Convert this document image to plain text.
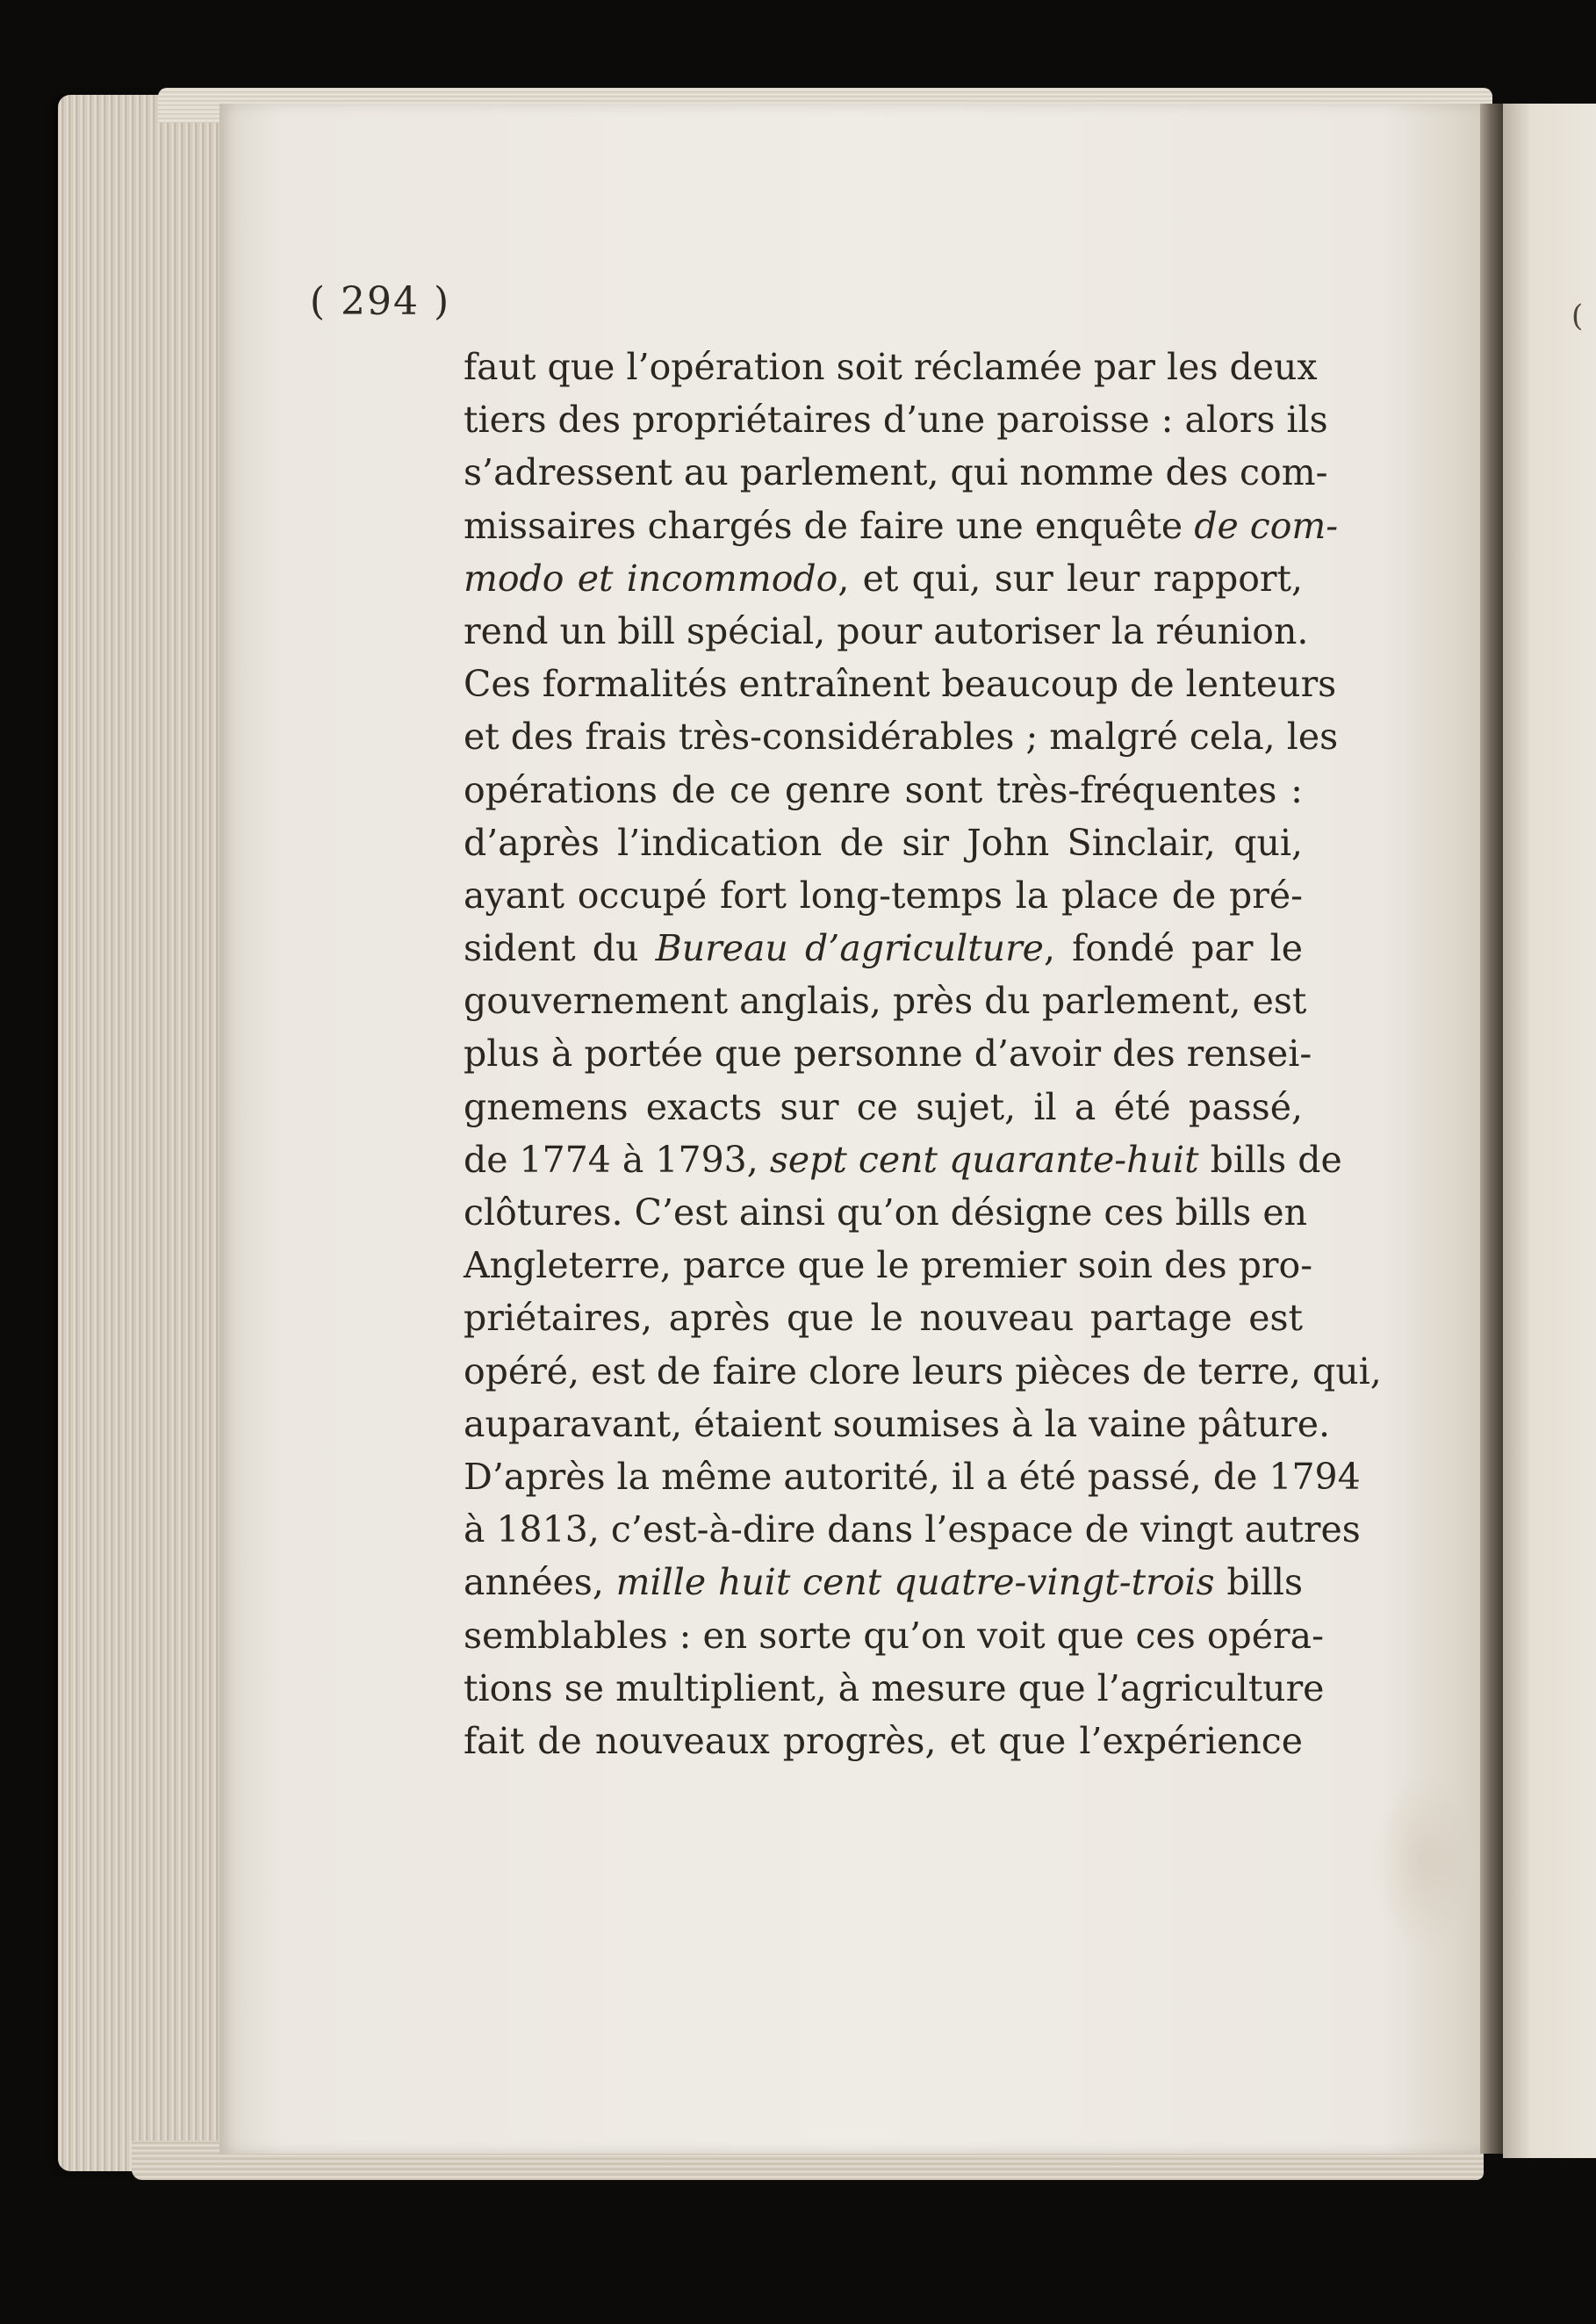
(
( 294 )
faut que l’opération soit réclamée par les deux
tiers des propriétaires d’une paroisse : alors ils
s’adressent au parlement, qui nomme des com-
missaires chargés de faire une enquête de com-
modo et incommodo, et qui, sur leur rapport,
rend un bill spécial, pour autoriser la réunion.
Ces formalités entraînent beaucoup de lenteurs
et des frais très-considérables ; malgré cela, les
opérations de ce genre sont très-fréquentes :
d’après l’indication de sir John Sinclair, qui,
ayant occupé fort long-temps la place de pré-
sident du Bureau d’agriculture, fondé par le
gouvernement anglais, près du parlement, est
plus à portée que personne d’avoir des rensei-
gnemens exacts sur ce sujet, il a été passé,
de 1774 à 1793, sept cent quarante-huit bills de
clôtures. C’est ainsi qu’on désigne ces bills en
Angleterre, parce que le premier soin des pro-
priétaires, après que le nouveau partage est
opéré, est de faire clore leurs pièces de terre, qui,
auparavant, étaient soumises à la vaine pâture.
D’après la même autorité, il a été passé, de 1794
à 1813, c’est-à-dire dans l’espace de vingt autres
années, mille huit cent quatre-vingt-trois bills
semblables : en sorte qu’on voit que ces opéra-
tions se multiplient, à mesure que l’agriculture
fait de nouveaux progrès, et que l’expérience
